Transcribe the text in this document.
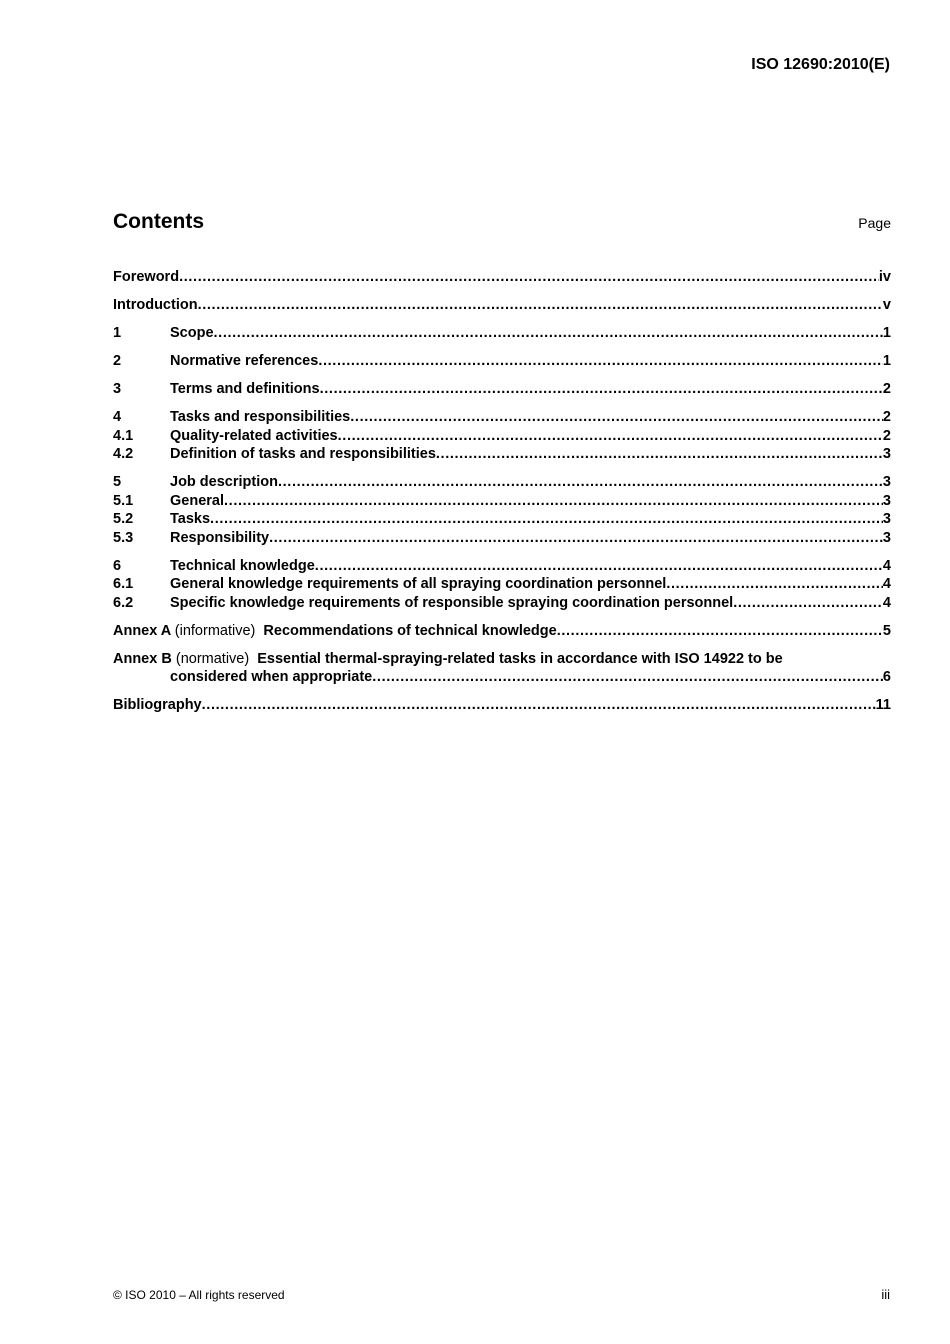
ISO 12690:2010(E)
Contents	Page
Foreword . . .	iv
Introduction . . .	v
1	Scope . . .	1
2	Normative references . . .	1
3	Terms and definitions . . .	2
4	Tasks and responsibilities . . .	2
4.1	Quality-related activities . . .	2
4.2	Definition of tasks and responsibilities . . .	3
5	Job description . . .	3
5.1	General . . .	3
5.2	Tasks . . .	3
5.3	Responsibility . . .	3
6	Technical knowledge . . .	4
6.1	General knowledge requirements of all spraying coordination personnel . . .	4
6.2	Specific knowledge requirements of responsible spraying coordination personnel . . .	4
Annex A (informative) Recommendations of technical knowledge . . .	5
Annex B (normative) Essential thermal-spraying-related tasks in accordance with ISO 14922 to be
considered when appropriate . . .	6
Bibliography . . .	11
© ISO 2010 – All rights reserved	iii
